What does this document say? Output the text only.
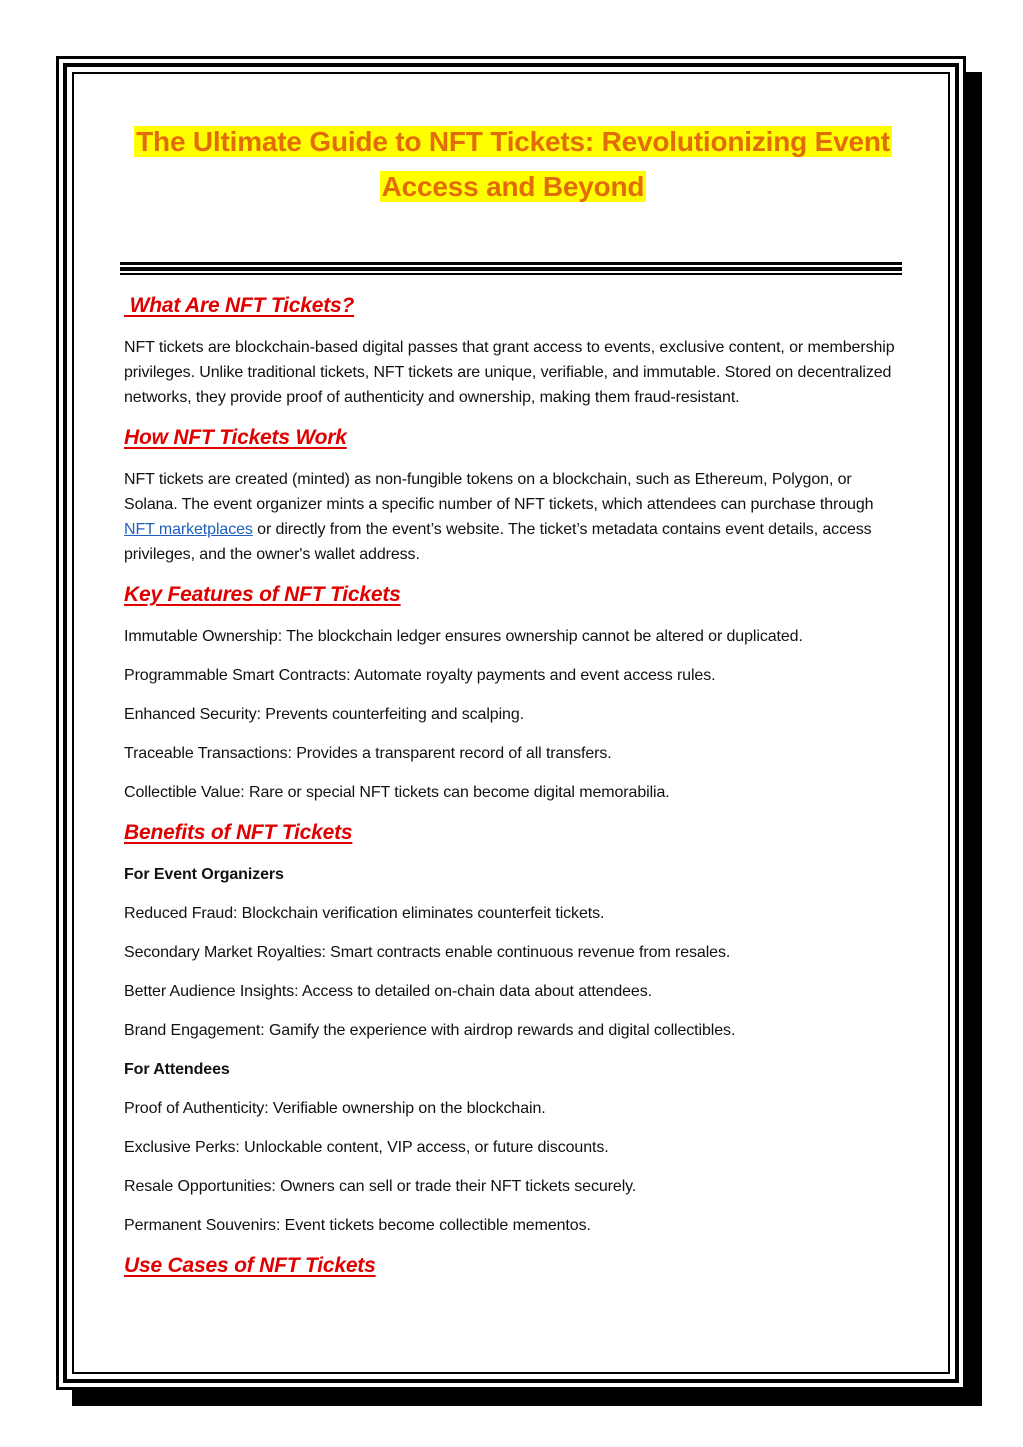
The Ultimate Guide to NFT Tickets: Revolutionizing Event
Access and Beyond
What Are NFT Tickets?

NFT tickets are blockchain-based digital passes that grant access to events, exclusive content, or membership privileges. Unlike traditional tickets, NFT tickets are unique, verifiable, and immutable. Stored on decentralized networks, they provide proof of authenticity and ownership, making them fraud-resistant.

How NFT Tickets Work

NFT tickets are created (minted) as non-fungible tokens on a blockchain, such as Ethereum, Polygon, or Solana. The event organizer mints a specific number of NFT tickets, which attendees can purchase through NFT marketplaces or directly from the event’s website. The ticket’s metadata contains event details, access privileges, and the owner's wallet address.

Key Features of NFT Tickets

Immutable Ownership: The blockchain ledger ensures ownership cannot be altered or duplicated.

Programmable Smart Contracts: Automate royalty payments and event access rules.

Enhanced Security: Prevents counterfeiting and scalping.

Traceable Transactions: Provides a transparent record of all transfers.

Collectible Value: Rare or special NFT tickets can become digital memorabilia.

Benefits of NFT Tickets

For Event Organizers

Reduced Fraud: Blockchain verification eliminates counterfeit tickets.

Secondary Market Royalties: Smart contracts enable continuous revenue from resales.

Better Audience Insights: Access to detailed on-chain data about attendees.

Brand Engagement: Gamify the experience with airdrop rewards and digital collectibles.

For Attendees

Proof of Authenticity: Verifiable ownership on the blockchain.

Exclusive Perks: Unlockable content, VIP access, or future discounts.

Resale Opportunities: Owners can sell or trade their NFT tickets securely.

Permanent Souvenirs: Event tickets become collectible mementos.

Use Cases of NFT Tickets
